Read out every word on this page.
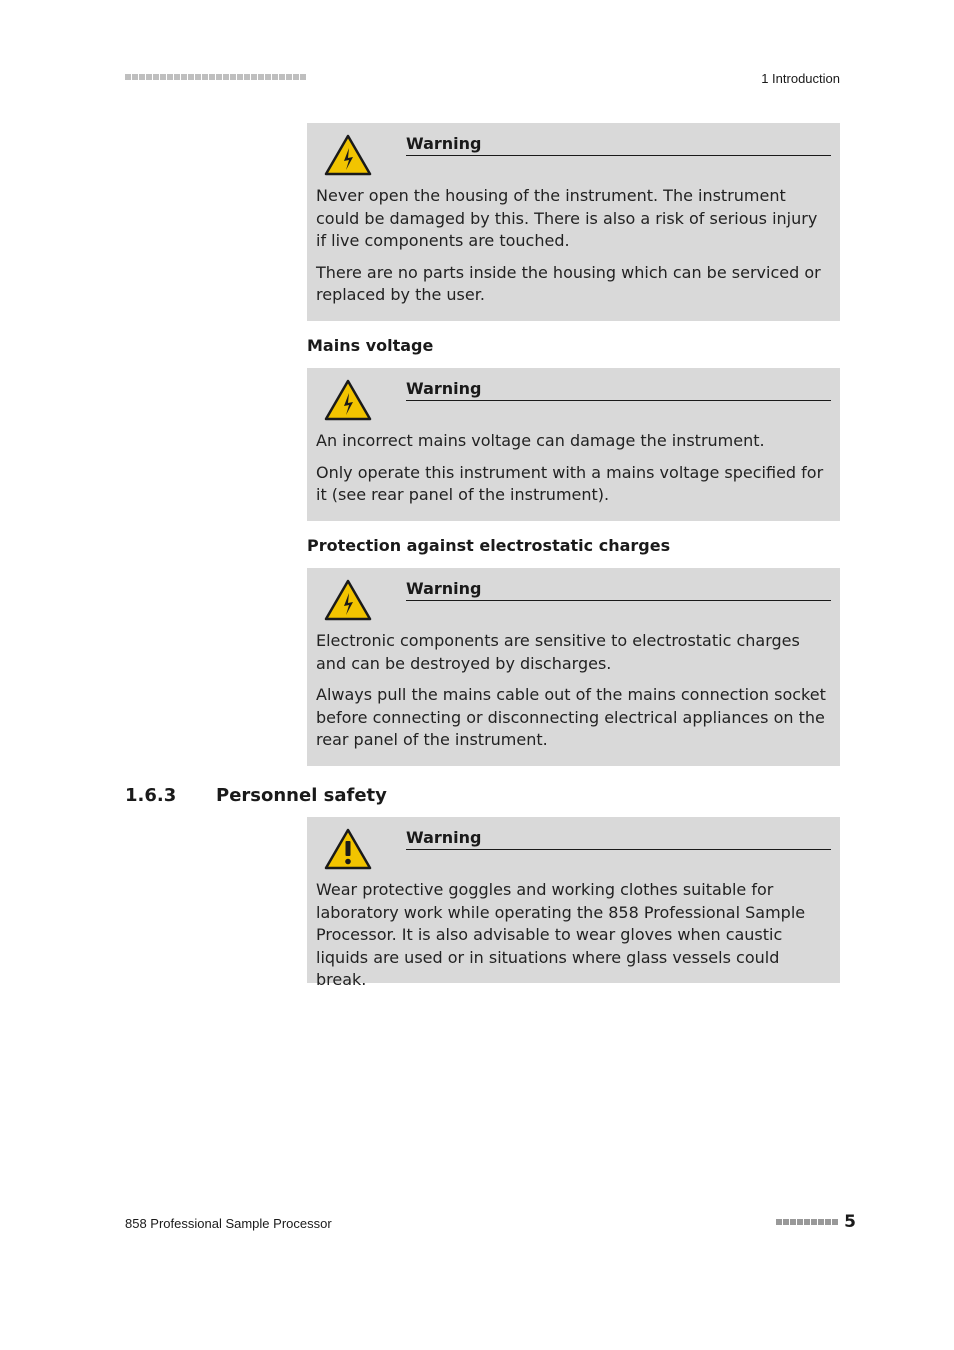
1 Introduction
Warning

Never open the housing of the instrument. The instrument could be damaged by this. There is also a risk of serious injury if live components are touched.

There are no parts inside the housing which can be serviced or replaced by the user.

Mains voltage
Warning

An incorrect mains voltage can damage the instrument.

Only operate this instrument with a mains voltage specified for it (see rear panel of the instrument).

Protection against electrostatic charges
Warning

Electronic components are sensitive to electrostatic charges and can be destroyed by discharges.

Always pull the mains cable out of the mains connection socket before connecting or disconnecting electrical appliances on the rear panel of the instrument.

1.6.3 Personnel safety
Warning

Wear protective goggles and working clothes suitable for laboratory work while operating the 858 Professional Sample Processor. It is also advisable to wear gloves when caustic liquids are used or in situations where glass vessels could break.

858 Professional Sample Processor	5
